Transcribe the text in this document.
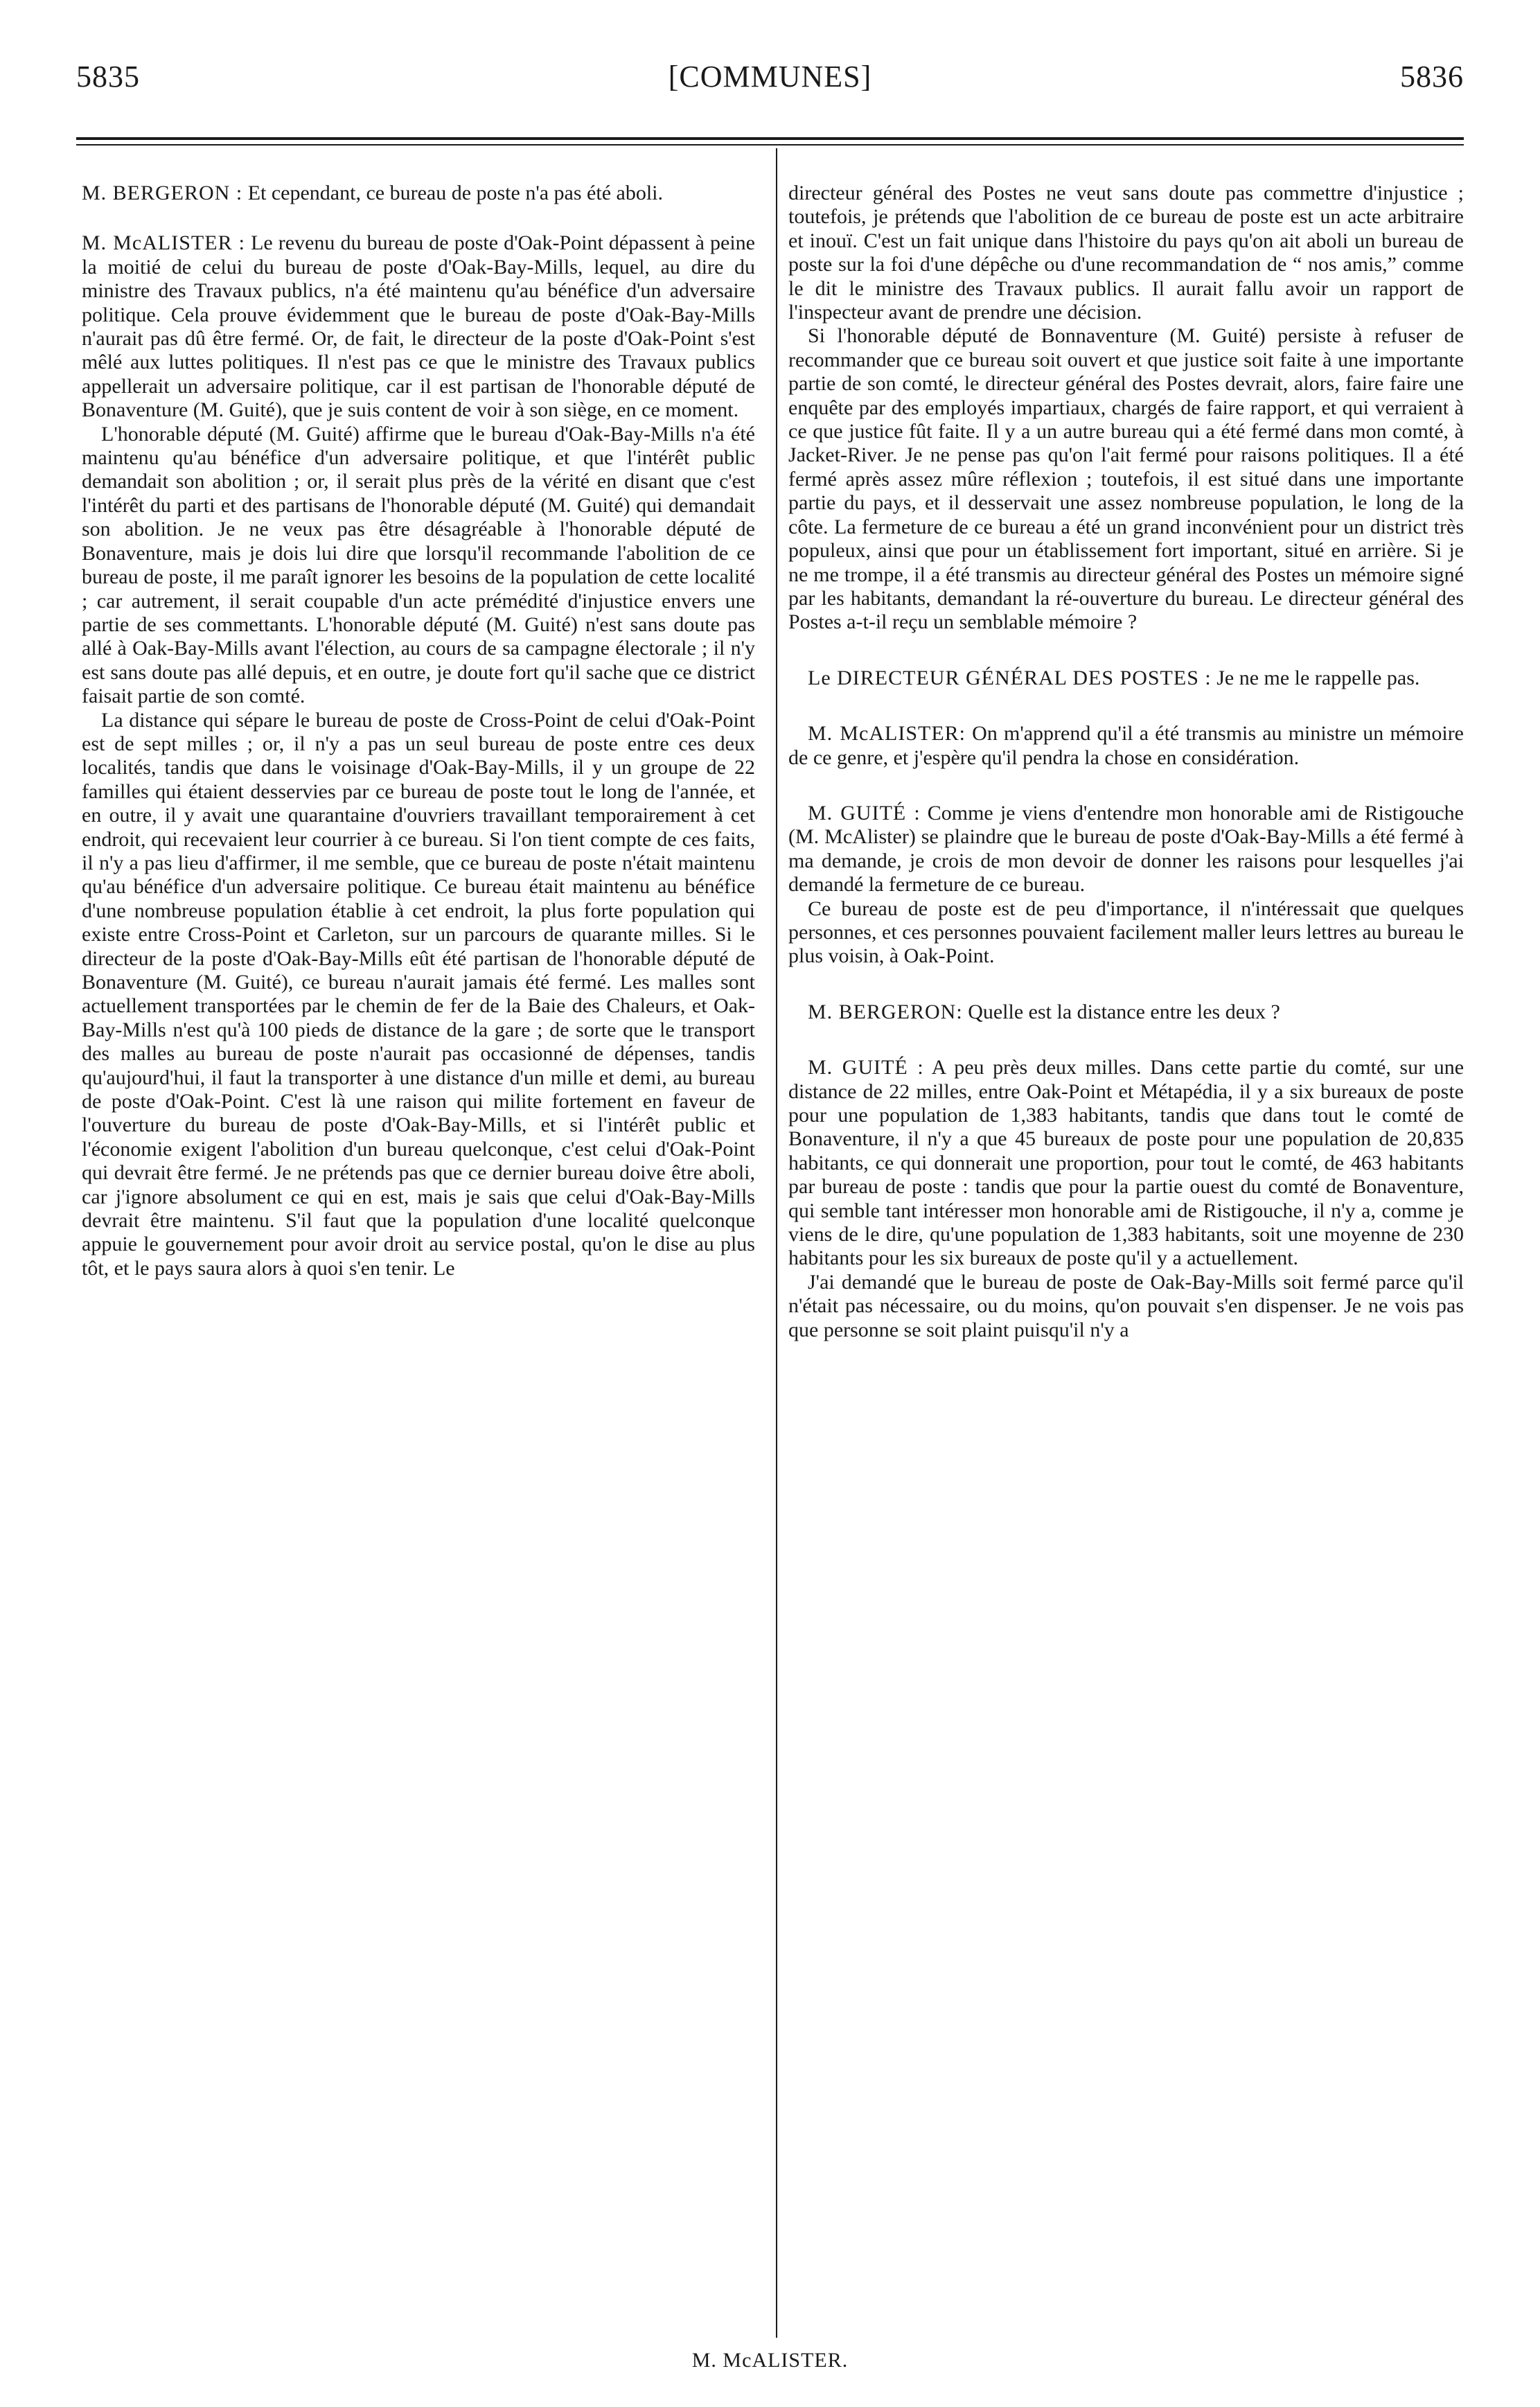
5835	[COMMUNES]	5836

M. BERGERON : Et cependant, ce bureau de poste n'a pas été aboli.

M. McALISTER : Le revenu du bureau de poste d'Oak-Point dépassent à peine la moitié de celui du bureau de poste d'Oak-Bay-Mills, lequel, au dire du ministre des Travaux publics, n'a été maintenu qu'au bénéfice d'un adversaire politique. Cela prouve évidemment que le bureau de poste d'Oak-Bay-Mills n'aurait pas dû être fermé. Or, de fait, le directeur de la poste d'Oak-Point s'est mêlé aux luttes politiques. Il n'est pas ce que le ministre des Travaux publics appellerait un adversaire politique, car il est partisan de l'honorable député de Bonaventure (M. Guité), que je suis content de voir à son siège, en ce moment.

L'honorable député (M. Guité) affirme que le bureau d'Oak-Bay-Mills n'a été maintenu qu'au bénéfice d'un adversaire politique, et que l'intérêt public demandait son abolition ; or, il serait plus près de la vérité en disant que c'est l'intérêt du parti et des partisans de l'honorable député (M. Guité) qui demandait son abolition. Je ne veux pas être désagréable à l'honorable député de Bonaventure, mais je dois lui dire que lorsqu'il recommande l'abolition de ce bureau de poste, il me paraît ignorer les besoins de la population de cette localité ; car autrement, il serait coupable d'un acte prémédité d'injustice envers une partie de ses commettants. L'honorable député (M. Guité) n'est sans doute pas allé à Oak-Bay-Mills avant l'élection, au cours de sa campagne électorale ; il n'y est sans doute pas allé depuis, et en outre, je doute fort qu'il sache que ce district faisait partie de son comté.

La distance qui sépare le bureau de poste de Cross-Point de celui d'Oak-Point est de sept milles ; or, il n'y a pas un seul bureau de poste entre ces deux localités, tandis que dans le voisinage d'Oak-Bay-Mills, il y un groupe de 22 familles qui étaient desservies par ce bureau de poste tout le long de l'année, et en outre, il y avait une quarantaine d'ouvriers travaillant temporairement à cet endroit, qui recevaient leur courrier à ce bureau. Si l'on tient compte de ces faits, il n'y a pas lieu d'affirmer, il me semble, que ce bureau de poste n'était maintenu qu'au bénéfice d'un adversaire politique. Ce bureau était maintenu au bénéfice d'une nombreuse population établie à cet endroit, la plus forte population qui existe entre Cross-Point et Carleton, sur un parcours de quarante milles. Si le directeur de la poste d'Oak-Bay-Mills eût été partisan de l'honorable député de Bonaventure (M. Guité), ce bureau n'aurait jamais été fermé. Les malles sont actuellement transportées par le chemin de fer de la Baie des Chaleurs, et Oak-Bay-Mills n'est qu'à 100 pieds de distance de la gare ; de sorte que le transport des malles au bureau de poste n'aurait pas occasionné de dépenses, tandis qu'aujourd'hui, il faut la transporter à une distance d'un mille et demi, au bureau de poste d'Oak-Point. C'est là une raison qui milite fortement en faveur de l'ouverture du bureau de poste d'Oak-Bay-Mills, et si l'intérêt public et l'économie exigent l'abolition d'un bureau quelconque, c'est celui d'Oak-Point qui devrait être fermé. Je ne prétends pas que ce dernier bureau doive être aboli, car j'ignore absolument ce qui en est, mais je sais que celui d'Oak-Bay-Mills devrait être maintenu. S'il faut que la population d'une localité quelconque appuie le gouvernement pour avoir droit au service postal, qu'on le dise au plus tôt, et le pays saura alors à quoi s'en tenir. Le

directeur général des Postes ne veut sans doute pas commettre d'injustice ; toutefois, je prétends que l'abolition de ce bureau de poste est un acte arbitraire et inouï. C'est un fait unique dans l'histoire du pays qu'on ait aboli un bureau de poste sur la foi d'une dépêche ou d'une recommandation de “ nos amis,” comme le dit le ministre des Travaux publics. Il aurait fallu avoir un rapport de l'inspecteur avant de prendre une décision.

Si l'honorable député de Bonnaventure (M. Guité) persiste à refuser de recommander que ce bureau soit ouvert et que justice soit faite à une importante partie de son comté, le directeur général des Postes devrait, alors, faire faire une enquête par des employés impartiaux, chargés de faire rapport, et qui verraient à ce que justice fût faite. Il y a un autre bureau qui a été fermé dans mon comté, à Jacket-River. Je ne pense pas qu'on l'ait fermé pour raisons politiques. Il a été fermé après assez mûre réflexion ; toutefois, il est situé dans une importante partie du pays, et il desservait une assez nombreuse population, le long de la côte. La fermeture de ce bureau a été un grand inconvénient pour un district très populeux, ainsi que pour un établissement fort important, situé en arrière. Si je ne me trompe, il a été transmis au directeur général des Postes un mémoire signé par les habitants, demandant la ré-ouverture du bureau. Le directeur général des Postes a-t-il reçu un semblable mémoire ?

Le DIRECTEUR GÉNÉRAL DES POSTES : Je ne me le rappelle pas.

M. McALISTER: On m'apprend qu'il a été transmis au ministre un mémoire de ce genre, et j'espère qu'il pendra la chose en considération.

M. GUITÉ : Comme je viens d'entendre mon honorable ami de Ristigouche (M. McAlister) se plaindre que le bureau de poste d'Oak-Bay-Mills a été fermé à ma demande, je crois de mon devoir de donner les raisons pour lesquelles j'ai demandé la fermeture de ce bureau.

Ce bureau de poste est de peu d'importance, il n'intéressait que quelques personnes, et ces personnes pouvaient facilement maller leurs lettres au bureau le plus voisin, à Oak-Point.

M. BERGERON: Quelle est la distance entre les deux ?

M. GUITÉ : A peu près deux milles. Dans cette partie du comté, sur une distance de 22 milles, entre Oak-Point et Métapédia, il y a six bureaux de poste pour une population de 1,383 habitants, tandis que dans tout le comté de Bonaventure, il n'y a que 45 bureaux de poste pour une population de 20,835 habitants, ce qui donnerait une proportion, pour tout le comté, de 463 habitants par bureau de poste : tandis que pour la partie ouest du comté de Bonaventure, qui semble tant intéresser mon honorable ami de Ristigouche, il n'y a, comme je viens de le dire, qu'une population de 1,383 habitants, soit une moyenne de 230 habitants pour les six bureaux de poste qu'il y a actuellement.

J'ai demandé que le bureau de poste de Oak-Bay-Mills soit fermé parce qu'il n'était pas nécessaire, ou du moins, qu'on pouvait s'en dispenser. Je ne vois pas que personne se soit plaint puisqu'il n'y a

M. McALISTER.
